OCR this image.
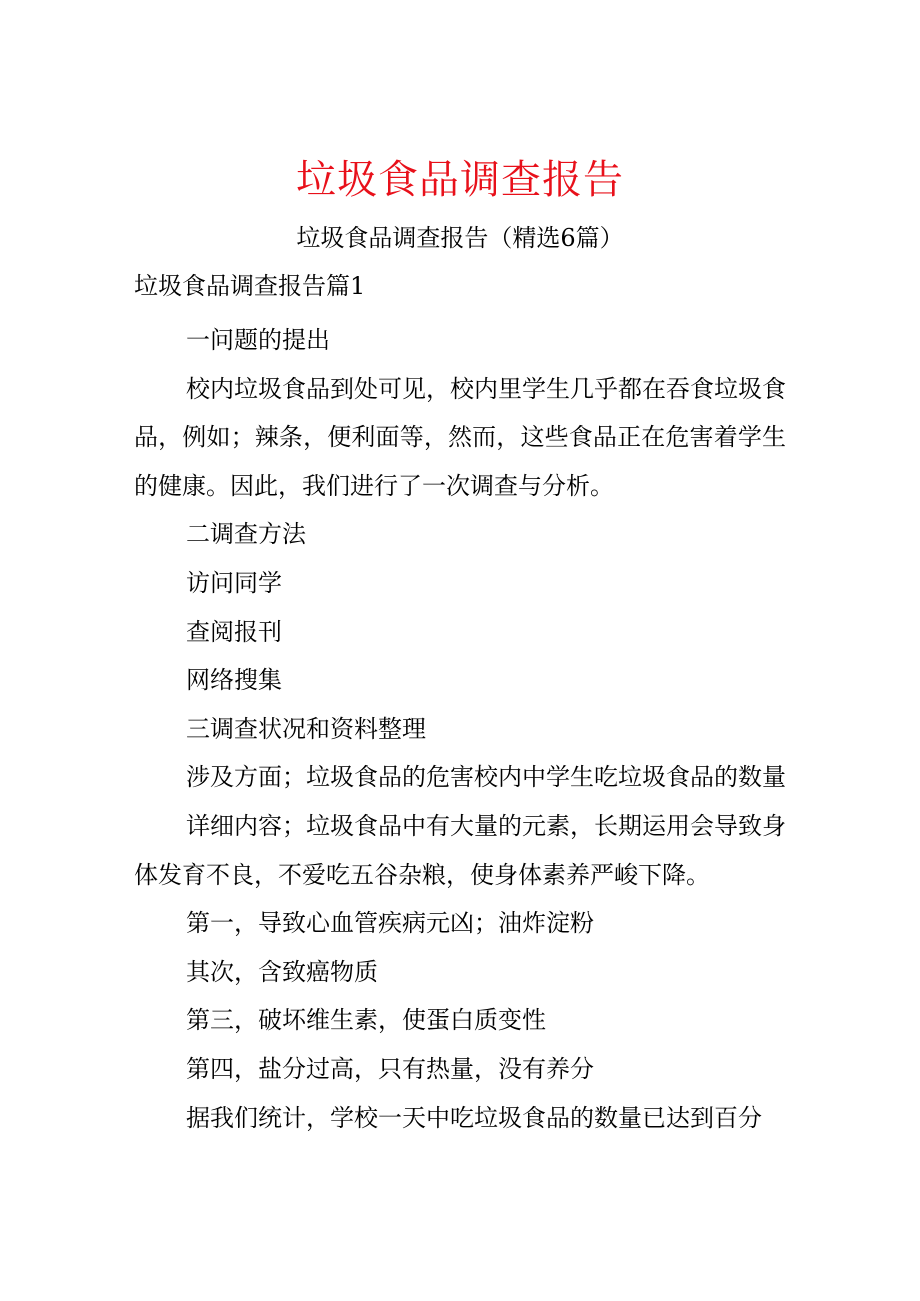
垃圾食品调查报告
垃圾食品调查报告（精选6篇）
垃圾食品调查报告篇1

一问题的提出

校内垃圾食品到处可见，校内里学生几乎都在吞食垃圾食品，例如；辣条，便利面等，然而，这些食品正在危害着学生的健康。因此，我们进行了一次调查与分析。

二调查方法

访问同学

查阅报刊

网络搜集

三调查状况和资料整理

涉及方面；垃圾食品的危害校内中学生吃垃圾食品的数量

详细内容；垃圾食品中有大量的元素，长期运用会导致身体发育不良，不爱吃五谷杂粮，使身体素养严峻下降。

第一，导致心血管疾病元凶；油炸淀粉

其次，含致癌物质

第三，破坏维生素，使蛋白质变性

第四，盐分过高，只有热量，没有养分

据我们统计，学校一天中吃垃圾食品的数量已达到百分
